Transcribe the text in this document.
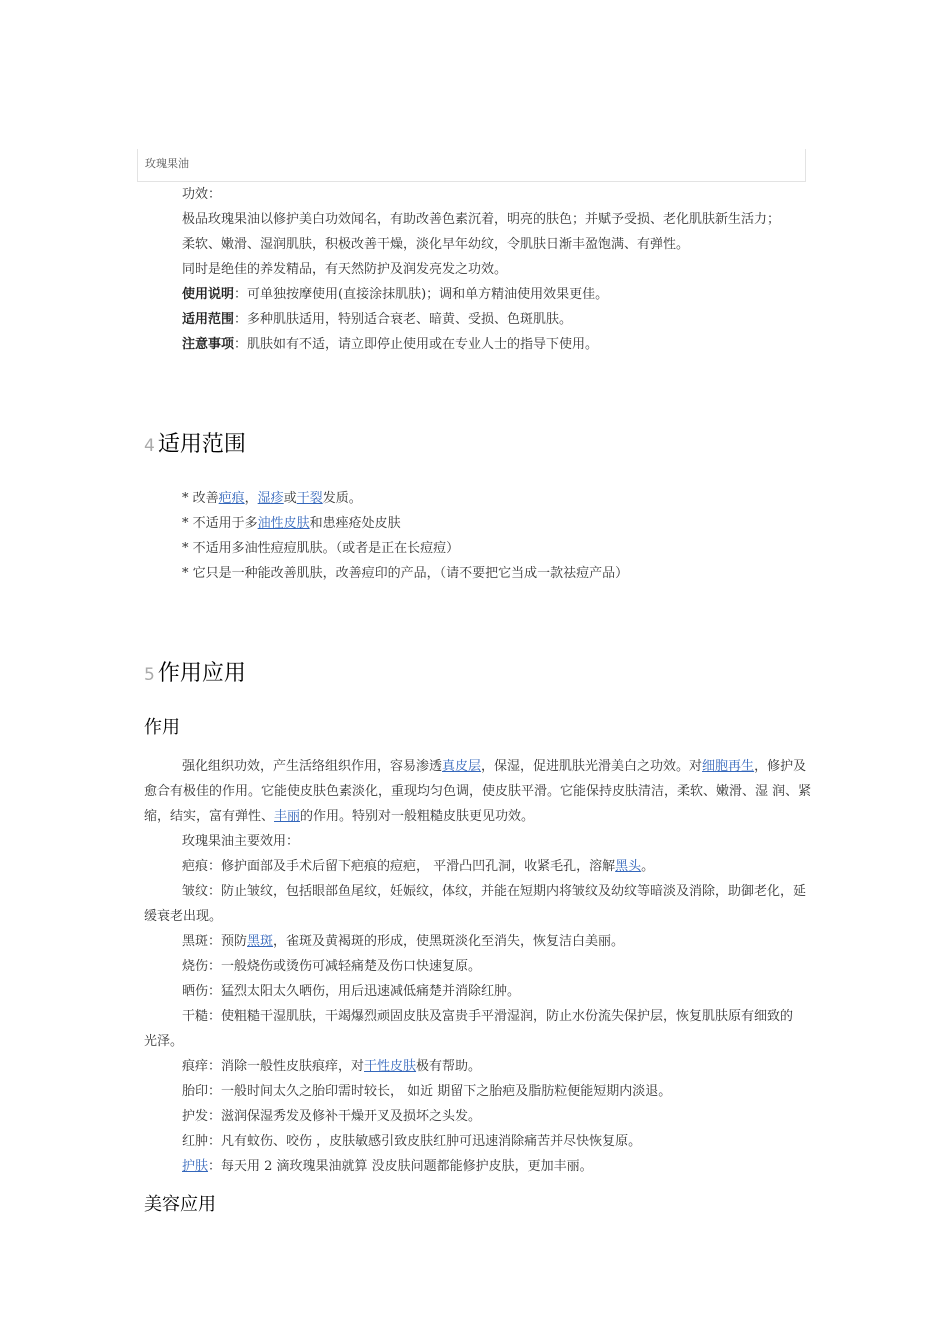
玫瑰果油
功效：
极品玫瑰果油以修护美白功效闻名，有助改善色素沉着，明亮的肤色；并赋予受损、老化肌肤新生活力；
柔软、嫩滑、湿润肌肤，积极改善干燥，淡化早年幼纹，令肌肤日渐丰盈饱满、有弹性。
同时是绝佳的养发精品，有天然防护及润发亮发之功效。
使用说明：可单独按摩使用(直接涂抹肌肤)；调和单方精油使用效果更佳。
适用范围：多种肌肤适用，特别适合衰老、暗黄、受损、色斑肌肤。
注意事项：肌肤如有不适，请立即停止使用或在专业人士的指导下使用。
4 适用范围
* 改善疤痕，湿疹或干裂发质。
* 不适用于多油性皮肤和患痤疮处皮肤
* 不适用多油性痘痘肌肤。（或者是正在长痘痘）
* 它只是一种能改善肌肤，改善痘印的产品，（请不要把它当成一款祛痘产品）
5 作用应用
作用
强化组织功效，产生活络组织作用，容易渗透真皮层，保湿，促进肌肤光滑美白之功效。对细胞再生，修护及
愈合有极佳的作用。它能使皮肤色素淡化，重现均匀色调，使皮肤平滑。它能保持皮肤清洁，柔软、嫩滑、湿 润、紧
缩，结实，富有弹性、丰丽的作用。特别对一般粗糙皮肤更见功效。
玫瑰果油主要效用：
疤痕：修护面部及手术后留下疤痕的痘疤， 平滑凸凹孔洞，收紧毛孔，溶解黑头。
皱纹：防止皱纹，包括眼部鱼尾纹，妊娠纹，体纹，并能在短期内将皱纹及幼纹等暗淡及消除，助御老化，延
缓衰老出现。
黑斑：预防黑斑，雀斑及黄褐斑的形成，使黑斑淡化至消失，恢复洁白美丽。
烧伤：一般烧伤或烫伤可减轻痛楚及伤口快速复原。
晒伤：猛烈太阳太久晒伤，用后迅速减低痛楚并消除红肿。
干糙：使粗糙干湿肌肤，干竭爆烈顽固皮肤及富贵手平滑湿润，防止水份流失保护层，恢复肌肤原有细致的
光泽。
痕痒：消除一般性皮肤痕痒，对干性皮肤极有帮助。
胎印：一般时间太久之胎印需时较长， 如近 期留下之胎疤及脂肪粒便能短期内淡退。
护发：滋润保湿秀发及修补干燥开叉及损坏之头发。
红肿：凡有蚊伤、咬伤 ，皮肤敏感引致皮肤红肿可迅速消除痛苦并尽快恢复原。
护肤：每天用 2 滴玫瑰果油就算 没皮肤问题都能修护皮肤，更加丰丽。
美容应用
